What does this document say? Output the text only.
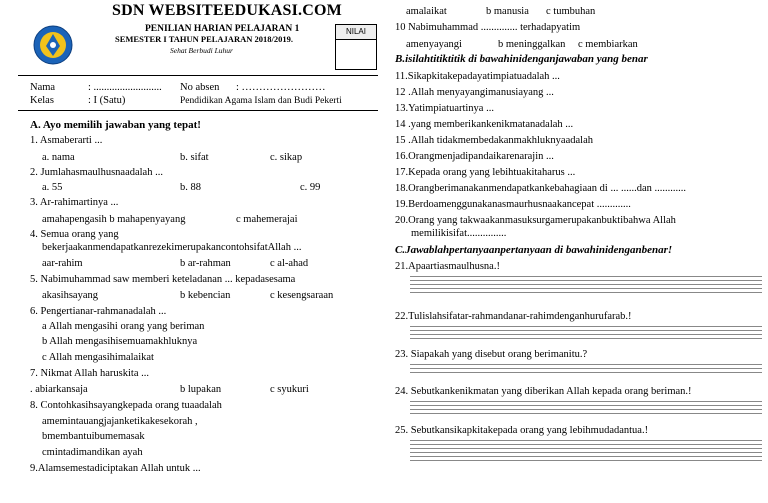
SDN WEBSITEEDUKASI.COM
PENILIAN HARIAN PELAJARAN 1
SEMESTER I TAHUN PELAJARAN 2018/2019.
Sehat Berbudi Luhur
NILAI
Nama	: .......................... No absen : ……………………
Kelas	: I (Satu)	Pendidikan Agama Islam dan Budi Pekerti
A. Ayo memilih jawaban yang tepat!
1. Asmaberarti ...
a. nama	b. sifat	c. sikap
2. Jumlahasmaulhusnaadalah ...
a. 55	b. 88	c. 99
3. Ar-rahimartinya ...
amahapengasih b mahapenyayang	c mahemerajai
4. Semua orang yang
bekerjaakanmendapatkanrezekimerupakancontohsifatAllah ...
aar-rahim	b ar-rahman	c al-ahad
5. Nabimuhammad saw memberi keteladanan ... kepadasesama
akasihsayang	b kebencian	c kesengsaraan
6. Pengertianar-rahmanadalah ...
a Allah mengasihi orang yang beriman
b Allah mengasihisemuamakhluknya
c Allah mengasihimalaikat
7. Nikmat Allah haruskita ...
. abiarkansaja	b lupakan	c syukuri
8. Contohkasihsayangkepada orang tuaadalah
amemintauangjajanketikakesekorah ,
bmembantuibumemasak
cmintadimandikan ayah
9.Alamsemestadiciptakan Allah untuk ...
amalaikat	b manusia c tumbuhan
10 Nabimuhammad .............. terhadapyatim
amenyayangi	b meninggalkan c membiarkan
B.isilahtitiktitik di bawahinidenganjawaban yang benar
11.Sikapkitakepadayatimpiatuadalah ...
12 .Allah menyayangimanusiayang ...
13.Yatimpiatuartinya ...
14 .yang memberikankenikmatanadalah ...
15 .Allah tidakmembedakanmakhluknyaadalah
16.Orangmenjadipandaikarenarajin ...
17.Kepada orang yang lebihtuakitaharus ...
18.Orangberimanakanmendapatkankebahagiaan di ... ......dan ............
19.Berdoamenggunakanasmaurhusnaakancepat .............
20.Orang yang takwaakanmasuksurgamerupakanbuktibahwa Allah
memilikisifat...............
C.Jawablahpertanyaanpertanyaan di bawahinidenganbenar!
21.Apaartiasmaulhusna.!
22.Tulislahsifatar-rahmandanar-rahimdenganhurufarab.!
23. Siapakah yang disebut orang berimanitu.?
24. Sebutkankenikmatan yang diberikan Allah kepada orang beriman.!
25. Sebutkansikapkitakepada orang yang lebihmudadantua.!
